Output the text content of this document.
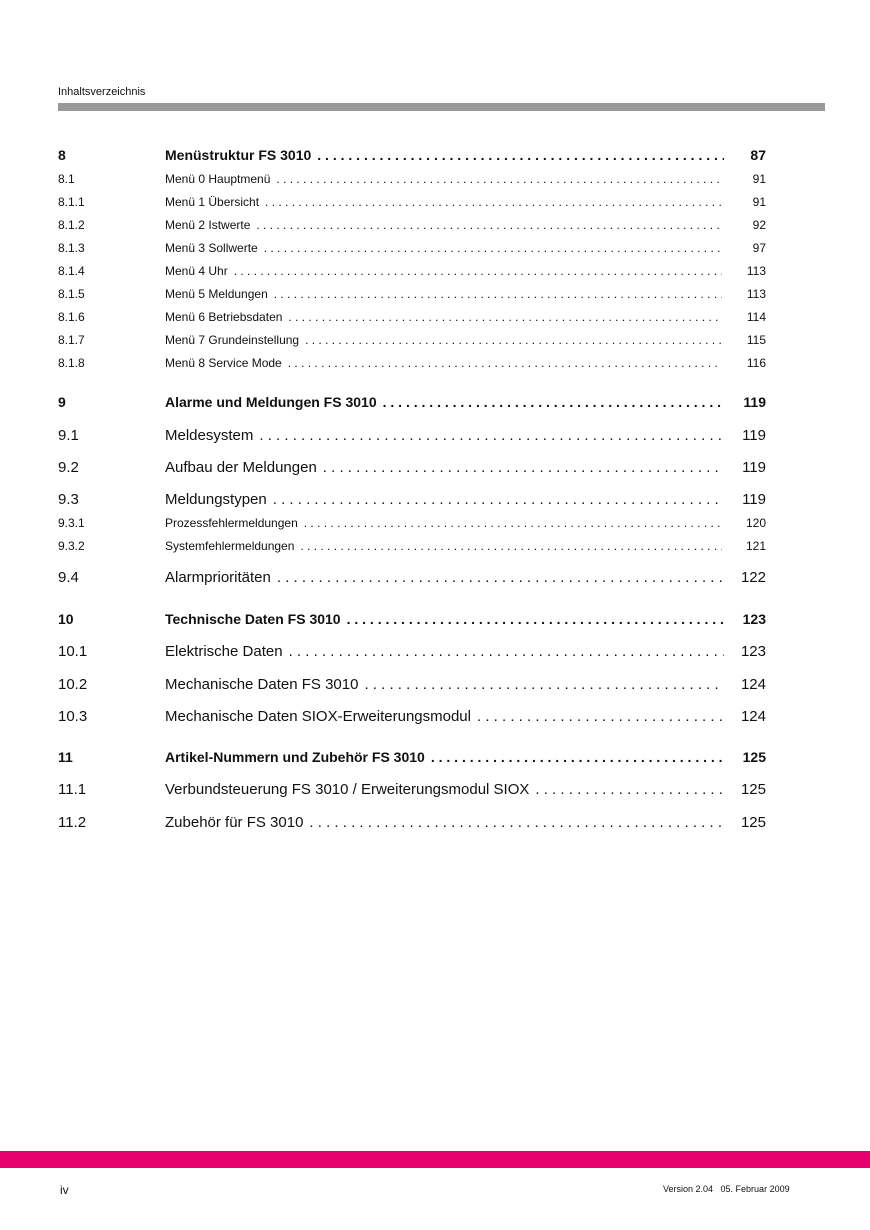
Inhaltsverzeichnis
8	Menüstruktur FS 3010 . . .	87
8.1	Menü 0 Hauptmenü . . .	91
8.1.1	Menü 1 Übersicht . . .	91
8.1.2	Menü 2 Istwerte . . .	92
8.1.3	Menü 3 Sollwerte . . .	97
8.1.4	Menü 4 Uhr . . .	113
8.1.5	Menü 5 Meldungen . . .	113
8.1.6	Menü 6 Betriebsdaten . . .	114
8.1.7	Menü 7 Grundeinstellung . . .	115
8.1.8	Menü 8 Service Mode . . .	116
9	Alarme und Meldungen FS 3010 . . .	119
9.1	Meldesystem . . .	119
9.2	Aufbau der Meldungen . . .	119
9.3	Meldungstypen . . .	119
9.3.1	Prozessfehlermeldungen . . .	120
9.3.2	Systemfehlermeldungen . . .	121
9.4	Alarmprioritäten . . .	122
10	Technische Daten FS 3010 . . .	123
10.1	Elektrische Daten . . .	123
10.2	Mechanische Daten FS 3010 . . .	124
10.3	Mechanische Daten SIOX-Erweiterungsmodul . . .	124
11	Artikel-Nummern und Zubehör FS 3010 . . .	125
11.1	Verbundsteuerung FS 3010 / Erweiterungsmodul SIOX . . .	125
11.2	Zubehör für FS 3010 . . .	125
iv	Version 2.04   05. Februar 2009
